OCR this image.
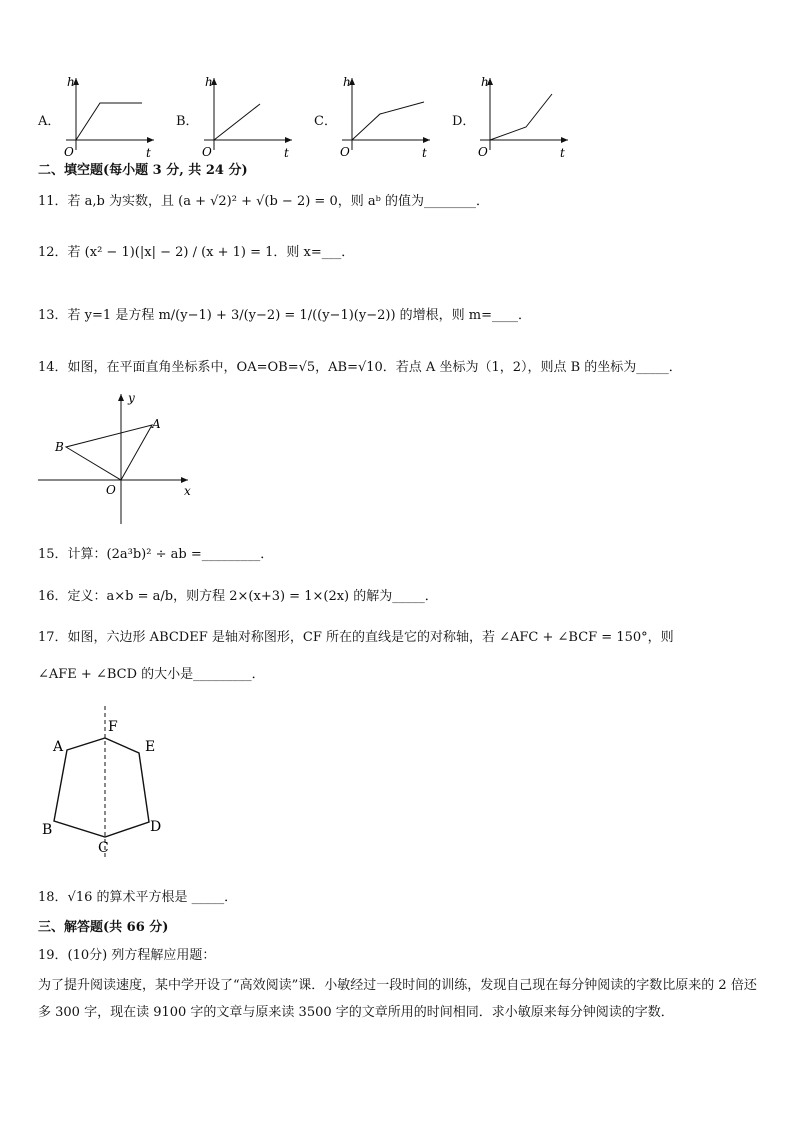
A．
h
t
O
B．
h
t
O
C．
h
t
O
D．
h
t
O
二、填空题(每小题 3 分, 共 24 分)
11．若 a,b 为实数，且 (a + √2)² + √(b − 2) = 0，则 aᵇ 的值为________．
12．若 (x² − 1)(|x| − 2) / (x + 1) = 1．则 x=___．
13．若 y=1 是方程 m/(y−1) + 3/(y−2) = 1/((y−1)(y−2)) 的增根，则 m=____．
14．如图，在平面直角坐标系中，OA=OB=√5，AB=√10．若点 A 坐标为（1，2），则点 B 的坐标为_____．
y
x
A
B
O
15．计算：(2a³b)² ÷ ab =_________．
16．定义：a×b = a/b，则方程 2×(x+3) = 1×(2x) 的解为_____．
17．如图，六边形 ABCDEF 是轴对称图形，CF 所在的直线是它的对称轴，若 ∠AFC + ∠BCF = 150°，则
∠AFE + ∠BCD 的大小是_________．
A
B
C
D
E
F
18．√16 的算术平方根是 _____．
三、解答题(共 66 分)
19．(10分) 列方程解应用题：
为了提升阅读速度，某中学开设了“高效阅读”课．小敏经过一段时间的训练，发现自己现在每分钟阅读的字数比原来的 2 倍还多 300 字，现在读 9100 字的文章与原来读 3500 字的文章所用的时间相同．求小敏原来每分钟阅读的字数．
